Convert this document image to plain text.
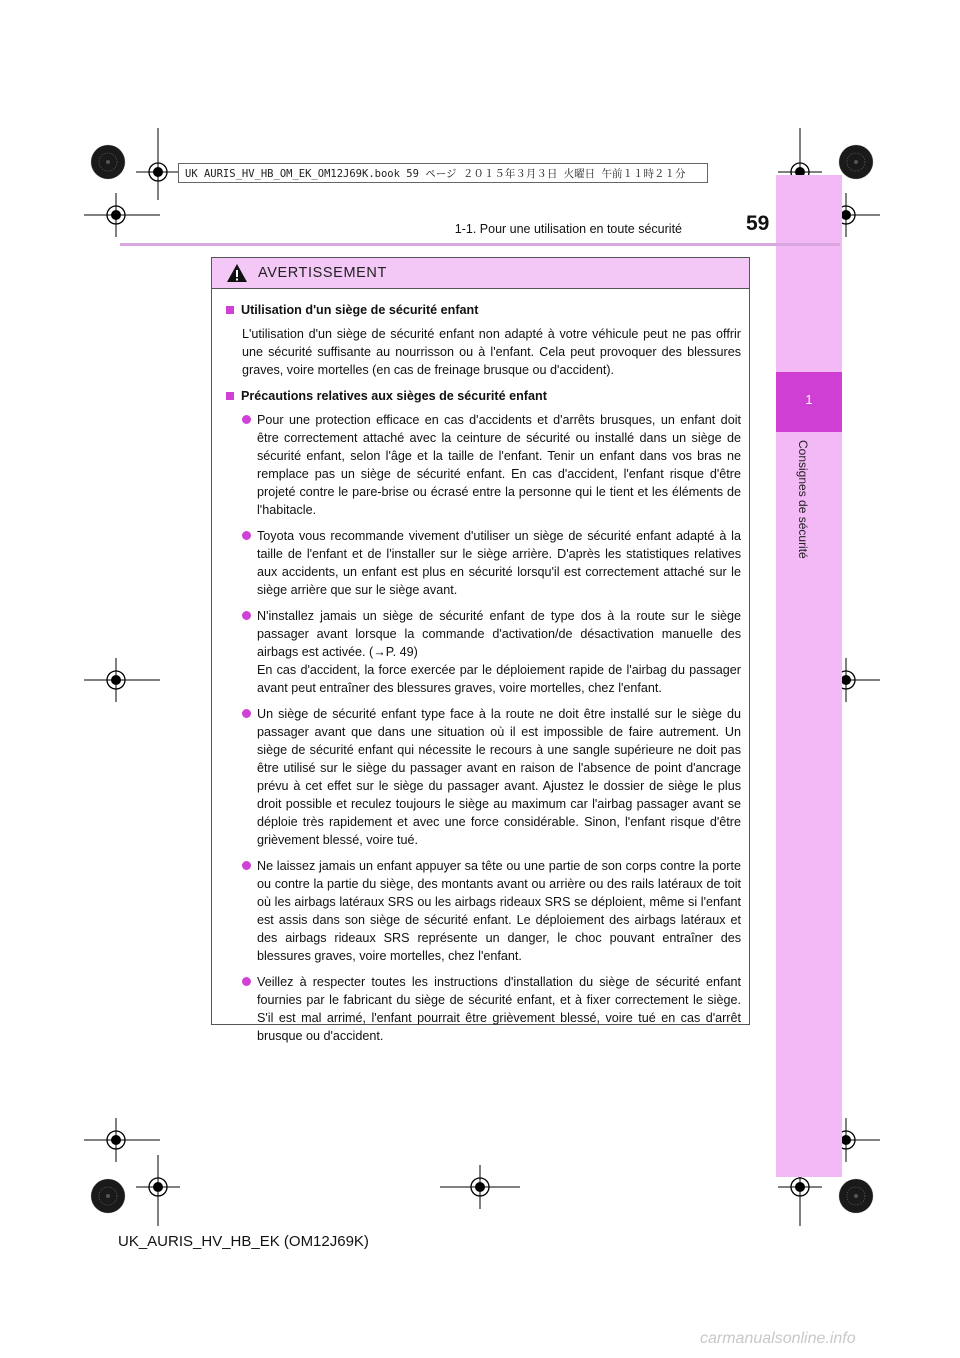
1
Consignes de sécurité
UK AURIS_HV_HB_OM_EK_OM12J69K.book 59 ページ ２０１５年３月３日 火曜日 午前１１時２１分
1-1. Pour une utilisation en toute sécurité	59
AVERTISSEMENT
Utilisation d'un siège de sécurité enfant
L'utilisation d'un siège de sécurité enfant non adapté à votre véhicule peut ne pas offrir une sécurité suffisante au nourrisson ou à l'enfant. Cela peut provoquer des blessures graves, voire mortelles (en cas de freinage brusque ou d'accident).
Précautions relatives aux sièges de sécurité enfant
Pour une protection efficace en cas d'accidents et d'arrêts brusques, un enfant doit être correctement attaché avec la ceinture de sécurité ou installé dans un siège de sécurité enfant, selon l'âge et la taille de l'enfant. Tenir un enfant dans vos bras ne remplace pas un siège de sécurité enfant. En cas d'accident, l'enfant risque d'être projeté contre le pare-brise ou écrasé entre la personne qui le tient et les éléments de l'habitacle.
Toyota vous recommande vivement d'utiliser un siège de sécurité enfant adapté à la taille de l'enfant et de l'installer sur le siège arrière. D'après les statistiques relatives aux accidents, un enfant est plus en sécurité lorsqu'il est correctement attaché sur le siège arrière que sur le siège avant.

N'installez jamais un siège de sécurité enfant de type dos à la route sur le siège passager avant lorsque la commande d'activation/de désactivation manuelle des airbags est activée. (→P. 49)

En cas d'accident, la force exercée par le déploiement rapide de l'airbag du passager avant peut entraîner des blessures graves, voire mortelles, chez l'enfant.

Un siège de sécurité enfant type face à la route ne doit être installé sur le siège du passager avant que dans une situation où il est impossible de faire autrement. Un siège de sécurité enfant qui nécessite le recours à une sangle supérieure ne doit pas être utilisé sur le siège du passager avant en raison de l'absence de point d'ancrage prévu à cet effet sur le siège du passager avant. Ajustez le dossier de siège le plus droit possible et reculez toujours le siège au maximum car l'airbag passager avant se déploie très rapidement et avec une force considérable. Sinon, l'enfant risque d'être grièvement blessé, voire tué.
Ne laissez jamais un enfant appuyer sa tête ou une partie de son corps contre la porte ou contre la partie du siège, des montants avant ou arrière ou des rails latéraux de toit où les airbags latéraux SRS ou les airbags rideaux SRS se déploient, même si l'enfant est assis dans son siège de sécurité enfant. Le déploiement des airbags latéraux et des airbags rideaux SRS représente un danger, le choc pouvant entraîner des blessures graves, voire mortelles, chez l'enfant.
Veillez à respecter toutes les instructions d'installation du siège de sécurité enfant fournies par le fabricant du siège de sécurité enfant, et à fixer correctement le siège. S'il est mal arrimé, l'enfant pourrait être grièvement blessé, voire tué en cas d'arrêt brusque ou d'accident.
UK_AURIS_HV_HB_EK (OM12J69K)
carmanualsonline.info
